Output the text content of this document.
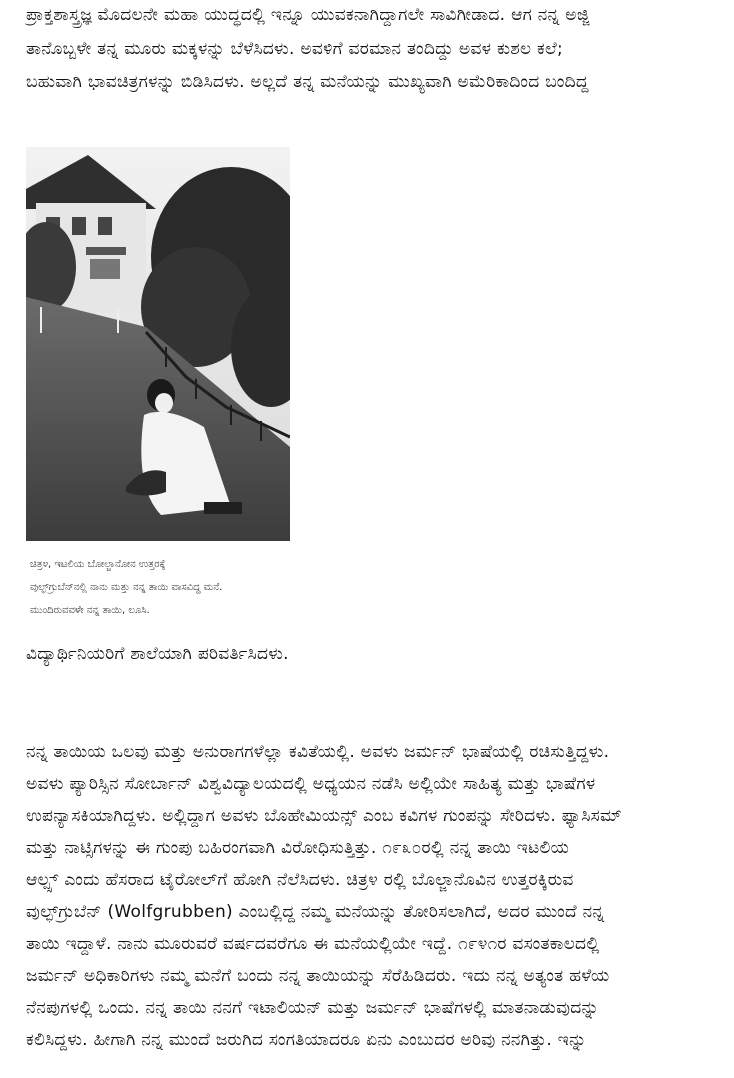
ಪ್ರಾಕ್ತಶಾಸ್ತ್ರಜ್ಞ ಮೊದಲನೇ ಮಹಾ ಯುದ್ಧದಲ್ಲಿ ಇನ್ನೂ ಯುವಕನಾಗಿದ್ದಾಗಲೇ ಸಾವಿಗೀಡಾದ. ಆಗ ನನ್ನ ಅಜ್ಜಿ
ತಾನೊಬ್ಬಳೇ ತನ್ನ ಮೂರು ಮಕ್ಕಳನ್ನು ಬೆಳೆಸಿದಳು. ಅವಳಿಗೆ ವರಮಾನ ತಂದಿದ್ದು ಅವಳ ಕುಶಲ ಕಲೆ;
ಬಹುವಾಗಿ ಭಾವಚಿತ್ರಗಳನ್ನು ಬಿಡಿಸಿದಳು. ಅಲ್ಲದೆ ತನ್ನ ಮನೆಯನ್ನು ಮುಖ್ಯವಾಗಿ ಅಮೆರಿಕಾದಿಂದ ಬಂದಿದ್ದ
ಚಿತ್ರ೪, ಇಟಲಿಯ ಬೋಲ್ಜಾನೋನ ಉತ್ತರಕ್ಕೆ
ವುಲ್ಫ್‌ಗ್ರುಬೆನ್‌ನಲ್ಲಿ ನಾನು ಮತ್ತು ನನ್ನ ತಾಯಿ ವಾಸವಿದ್ದ ಮನೆ.
ಮುಂದಿರುವವಳೇ ನನ್ನ ತಾಯಿ, ಲೂಸಿ.
ವಿದ್ಯಾರ್ಥಿನಿಯರಿಗೆ ಶಾಲೆಯಾಗಿ ಪರಿವರ್ತಿಸಿದಳು.
ನನ್ನ ತಾಯಿಯ ಒಲವು ಮತ್ತು ಅನುರಾಗಗಳೆಲ್ಲಾ ಕವಿತೆಯಲ್ಲಿ. ಅವಳು ಜರ್ಮನ್ ಭಾಷೆಯಲ್ಲಿ ರಚಿಸುತ್ತಿದ್ದಳು.
ಅವಳು ಪ್ಯಾರಿಸ್ಸಿನ ಸೋರ್ಬಾನ್ ವಿಶ್ವವಿದ್ಯಾಲಯದಲ್ಲಿ ಅಧ್ಯಯನ ನಡೆಸಿ ಅಲ್ಲಿಯೇ ಸಾಹಿತ್ಯ ಮತ್ತು ಭಾಷೆಗಳ
ಉಪನ್ಯಾಸಕಿಯಾಗಿದ್ದಳು. ಅಲ್ಲಿದ್ದಾಗ ಅವಳು ಬೊಹೇಮಿಯನ್ಸ್ ಎಂಬ ಕವಿಗಳ ಗುಂಪನ್ನು ಸೇರಿದಳು. ಫ್ಯಾಸಿಸಮ್
ಮತ್ತು ನಾಟ್ಸಿಗಳನ್ನು ಈ ಗುಂಪು ಬಹಿರಂಗವಾಗಿ ವಿರೋಧಿಸುತ್ತಿತ್ತು. ೧೯೩೦ರಲ್ಲಿ ನನ್ನ ತಾಯಿ ಇಟಲಿಯ
ಆಲ್ಪ್ಸ್ ಎಂದು ಹೆಸರಾದ ಟೈರೋಲ್‌ಗೆ ಹೋಗಿ ನೆಲೆಸಿದಳು. ಚಿತ್ರ೪ ರಲ್ಲಿ ಬೊಲ್ಜಾನೊವಿನ ಉತ್ತರಕ್ಕಿರುವ
ವುಲ್ಫ್‌ಗ್ರುಬೆನ್ (Wolfgrubben) ಎಂಬಲ್ಲಿದ್ದ ನಮ್ಮ ಮನೆಯನ್ನು ತೋರಿಸಲಾಗಿದೆ, ಅದರ ಮುಂದೆ ನನ್ನ
ತಾಯಿ ಇದ್ದಾಳೆ. ನಾನು ಮೂರುವರೆ ವರ್ಷದವರೆಗೂ ಈ ಮನೆಯಲ್ಲಿಯೇ ಇದ್ದೆ. ೧೯೪೧ರ ವಸಂತಕಾಲದಲ್ಲಿ
ಜರ್ಮನ್ ಅಧಿಕಾರಿಗಳು ನಮ್ಮ ಮನೆಗೆ ಬಂದು ನನ್ನ ತಾಯಿಯನ್ನು ಸೆರೆಹಿಡಿದರು. ಇದು ನನ್ನ ಅತ್ಯಂತ ಹಳೆಯ
ನೆನಪುಗಳಲ್ಲಿ ಒಂದು. ನನ್ನ ತಾಯಿ ನನಗೆ ಇಟಾಲಿಯನ್ ಮತ್ತು ಜರ್ಮನ್ ಭಾಷೆಗಳಲ್ಲಿ ಮಾತನಾಡುವುದನ್ನು
ಕಲಿಸಿದ್ದಳು. ಹೀಗಾಗಿ ನನ್ನ ಮುಂದೆ ಜರುಗಿದ ಸಂಗತಿಯಾದರೂ ಏನು ಎಂಬುದರ ಅರಿವು ನನಗಿತ್ತು. ಇನ್ನು
